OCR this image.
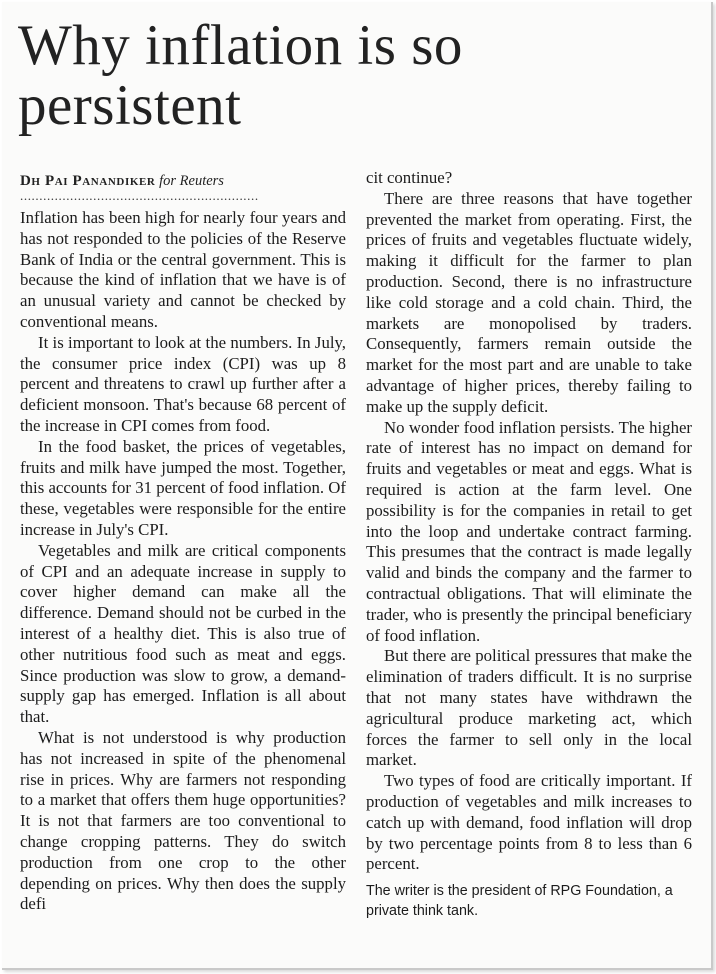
Why inflation is so persistent
Dh Pai Panandiker for Reuters
..............................................................

Inflation has been high for nearly four years and has not responded to the policies of the Reserve Bank of India or the central government. This is because the kind of inflation that we have is of an unusual variety and cannot be checked by conventional means.

It is important to look at the numbers. In July, the consumer price index (CPI) was up 8 percent and threatens to crawl up further after a deficient monsoon. That's because 68 percent of the increase in CPI comes from food.

In the food basket, the prices of vegetables, fruits and milk have jumped the most. Together, this accounts for 31 percent of food inflation. Of these, vegetables were responsible for the entire increase in July's CPI.

Vegetables and milk are critical components of CPI and an adequate increase in supply to cover higher demand can make all the difference. Demand should not be curbed in the interest of a healthy diet. This is also true of other nutritious food such as meat and eggs. Since production was slow to grow, a demand-supply gap has emerged. Inflation is all about that.

What is not understood is why production has not increased in spite of the phenomenal rise in prices. Why are farmers not responding to a market that offers them huge opportunities? It is not that farmers are too conventional to change cropping patterns. They do switch production from one crop to the other depending on prices. Why then does the supply defi

cit continue?

There are three reasons that have together prevented the market from operating. First, the prices of fruits and vegetables fluctuate widely, making it difficult for the farmer to plan production. Second, there is no infrastructure like cold storage and a cold chain. Third, the markets are monopolised by traders. Consequently, farmers remain outside the market for the most part and are unable to take advantage of higher prices, thereby failing to make up the supply deficit.

No wonder food inflation persists. The higher rate of interest has no impact on demand for fruits and vegetables or meat and eggs. What is required is action at the farm level. One possibility is for the companies in retail to get into the loop and undertake contract farming. This presumes that the contract is made legally valid and binds the company and the farmer to contractual obligations. That will eliminate the trader, who is presently the principal beneficiary of food inflation.

But there are political pressures that make the elimination of traders difficult. It is no surprise that not many states have withdrawn the agricultural produce marketing act, which forces the farmer to sell only in the local market.

Two types of food are critically important. If production of vegetables and milk increases to catch up with demand, food inflation will drop by two percentage points from 8 to less than 6 percent.

The writer is the president of RPG Foundation, a private think tank.
